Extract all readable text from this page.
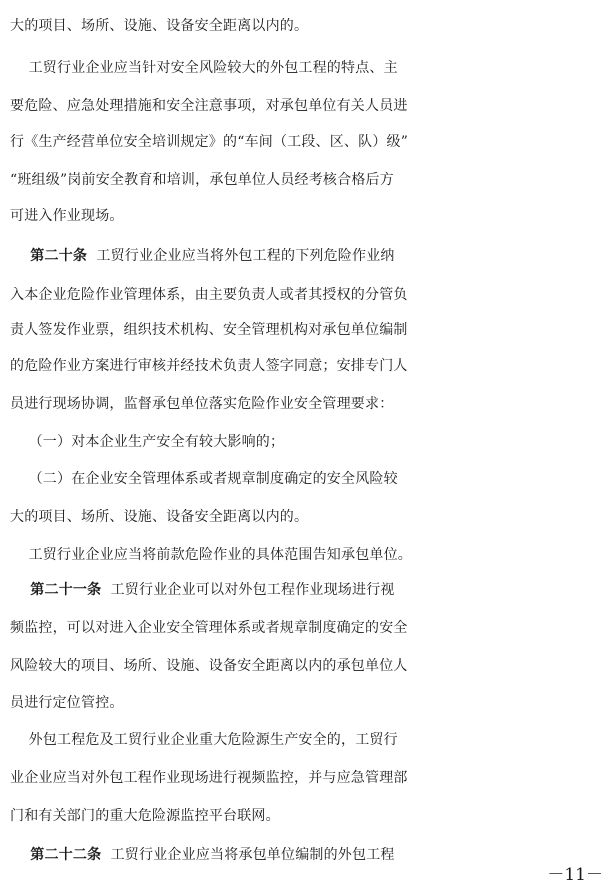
大的项目、场所、设施、设备安全距离以内的。
工贸行业企业应当针对安全风险较大的外包工程的特点、主
要危险、应急处理措施和安全注意事项，对承包单位有关人员进
行《生产经营单位安全培训规定》的“车间（工段、区、队）级”
“班组级”岗前安全教育和培训，承包单位人员经考核合格后方
可进入作业现场。
第二十条  工贸行业企业应当将外包工程的下列危险作业纳
入本企业危险作业管理体系，由主要负责人或者其授权的分管负
责人签发作业票，组织技术机构、安全管理机构对承包单位编制
的危险作业方案进行审核并经技术负责人签字同意；安排专门人
员进行现场协调，监督承包单位落实危险作业安全管理要求：
（一）对本企业生产安全有较大影响的；
（二）在企业安全管理体系或者规章制度确定的安全风险较
大的项目、场所、设施、设备安全距离以内的。
工贸行业企业应当将前款危险作业的具体范围告知承包单位。
第二十一条  工贸行业企业可以对外包工程作业现场进行视
频监控，可以对进入企业安全管理体系或者规章制度确定的安全
风险较大的项目、场所、设施、设备安全距离以内的承包单位人
员进行定位管控。
外包工程危及工贸行业企业重大危险源生产安全的，工贸行
业企业应当对外包工程作业现场进行视频监控，并与应急管理部
门和有关部门的重大危险源监控平台联网。
第二十二条  工贸行业企业应当将承包单位编制的外包工程
－11－
